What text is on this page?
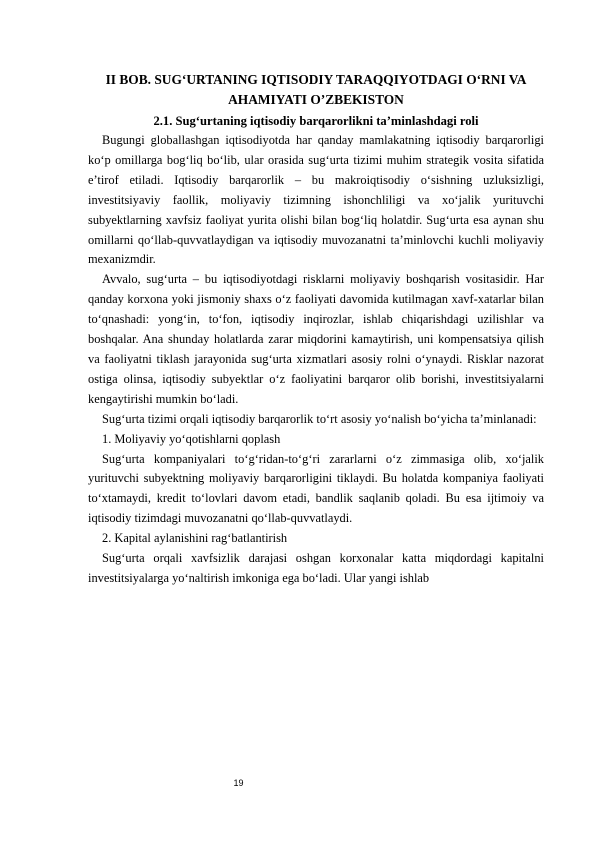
II BOB. SUG‘URTANING IQTISODIY TARAQQIYOTDAGI O‘RNI VA AHAMIYATI O’ZBEKISTON
2.1. Sug‘urtaning iqtisodiy barqarorlikni ta’minlashdagi roli

Bugungi globallashgan iqtisodiyotda har qanday mamlakatning iqtisodiy barqarorligi ko‘p omillarga bog‘liq bo‘lib, ular orasida sug‘urta tizimi muhim strategik vosita sifatida e’tirof etiladi. Iqtisodiy barqarorlik – bu makroiqtisodiy o‘sishning uzluksizligi, investitsiyaviy faollik, moliyaviy tizimning ishonchliligi va xo‘jalik yurituvchi subyektlarning xavfsiz faoliyat yurita olishi bilan bog‘liq holatdir. Sug‘urta esa aynan shu omillarni qo‘llab-quvvatlaydigan va iqtisodiy muvozanatni ta’minlovchi kuchli moliyaviy mexanizmdir.

Avvalo, sug‘urta – bu iqtisodiyotdagi risklarni moliyaviy boshqarish vositasidir. Har qanday korxona yoki jismoniy shaxs o‘z faoliyati davomida kutilmagan xavf-xatarlar bilan to‘qnashadi: yong‘in, to‘fon, iqtisodiy inqirozlar, ishlab chiqarishdagi uzilishlar va boshqalar. Ana shunday holatlarda zarar miqdorini kamaytirish, uni kompensatsiya qilish va faoliyatni tiklash jarayonida sug‘urta xizmatlari asosiy rolni o‘ynaydi. Risklar nazorat ostiga olinsa, iqtisodiy subyektlar o‘z faoliyatini barqaror olib borishi, investitsiyalarni kengaytirishi mumkin bo‘ladi.

Sug‘urta tizimi orqali iqtisodiy barqarorlik to‘rt asosiy yo‘nalish bo‘yicha ta’minlanadi:

1. Moliyaviy yo‘qotishlarni qoplash

Sug‘urta kompaniyalari to‘g‘ridan-to‘g‘ri zararlarni o‘z zimmasiga olib, xo‘jalik yurituvchi subyektning moliyaviy barqarorligini tiklaydi. Bu holatda kompaniya faoliyati to‘xtamaydi, kredit to‘lovlari davom etadi, bandlik saqlanib qoladi. Bu esa ijtimoiy va iqtisodiy tizimdagi muvozanatni qo‘llab-quvvatlaydi.

2. Kapital aylanishini rag‘batlantirish

Sug‘urta orqali xavfsizlik darajasi oshgan korxonalar katta miqdordagi kapitalni investitsiyalarga yo‘naltirish imkoniga ega bo‘ladi. Ular yangi ishlab

19
